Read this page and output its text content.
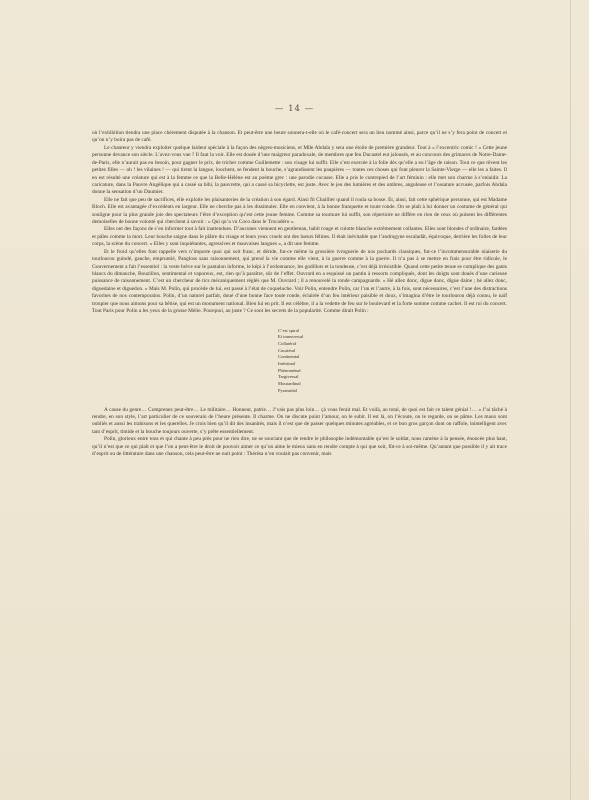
— 14 —

où l’exhibition tiendra une place chèrement disputée à la chanson. Et peut-être une heure sonnera-t-elle où le café-concert sera un lieu nommé ainsi, parce qu’il ne s’y fera point de concert et qu’on n’y boira pas de café.

Le chanteur y viendra exploiter quelque laideur spéciale à la façon des nègres-musiciens, et Mlle Abdala y sera une étoile de première grandeur. Tout à « l’excentric comic ! » Cette jeune personne devance son siècle. L’avez-vous vue ? Il faut la voir. Elle est douée d’une maigreur paradoxale, de membres que feu Ducastel eut jalousés, et au concours des grimaces de Notre-Dame-de-Paris, elle n’aurait pas eu besoin, pour gagner le prix, de tricher comme Guillemette : son visage lui suffit. Elle s’est exercée à la folie dès qu’elle a eu l’âge de raison. Tout ce que rêvent les petites filles — oh ! les vilaines ! — qui tirent la langue, louchent, se fendent la bouche, s’agrandissent les paupières — toutes ces choses qui font pleurer la Sainte-Vierge — elle les a faites. Il en est résulté une créature qui est à la femme ce que la Belle-Hélène est au poème grec : une parodie cocasse. Elle a pris le contrepied de l’art féminin : elle met son charme à s’enlaidir. La caricature, dans la Pauvre Angélique qui a cassé sa bibi, la pauvrette, qui a cassé sa bicyclette, est juste. Avec le jeu des lumières et des ombres, anguleuse et l’ossature accusée, parfois Abdala donne la sensation d’un Daumier.

Elle ne fait que peu de sacrifices, elle exploite les plaisanteries de la création à son égard. Ainsi fit Chaillier quand il roula sa bosse. Et, ainsi, fait cette sphérique personne, qui est Madame Bloch. Elle est avantagée d’excédents en largeur. Elle ne cherche pas à les dissimuler. Elle en convient, à la bonne franquette et toute ronde. On se plaît à lui donner un costume de général qui souligne pour la plus grande joie des spectateurs l’être d’exception qu’est cette jeune femme. Comme sa tournure lui suffit, son répertoire ne diffère en rien de ceux où puisent les différentes demoiselles de bonne volonté qui cherchent à savoir : « Qui qu’a vu Coco dans le Trocadéro ».

Elles ont des façons de s’en informer tout à fait inattendues. D’aucunes viennent en gentleman, habit rouge et culotte blanche extrêmement collantes. Elles sont blondes d’ordinaire, fardées et pâles comme la mort. Leur bouche saigne dans le plâtre du visage et leurs yeux cruels ont des lueurs félines. Il était inévitable que l’androgyne escaladât, équivoque, derrière les folles de leur corps, la scène du concert. « Elles y sont inquiétantes, agressives et mauvaises langues », a dit une femme.

Et le froid qu’elles font rappelle vers n’importe quoi qui soit franc, et déride, fut-ce même la grossière ivrognerie de nos pochards classiques, fut-ce l’incommensurable niaiserie du tourlourou guindé, gauche, empruntié, Pangloss sans raisonnement, qui prend la vie comme elle vient, à la guerre comme à la guerre. Il n’a pas à se mettre en frais pour être ridicule, le Gouvernement a fait l’essentiel : la veste brève sur le pantalon informe, le képi à l’ordonnance, les godillots et la tondeuse, c’est déjà irrésistible. Quand cette petite tenue se complique des gants blancs du dimanche, Bouzillon, sentimental et vaporeux, est, rien qu’à paraître, sûr de l’effet. Ouvrard en a esquissé un pantin à ressorts compliqués, dont les doigts sont doués d’une curieuse puissance de raisonnement. C’est un chercheur de tics mécaniquement réglés que M. Ouvrard ; il a renouvelé la ronde campagnarde. « Hé allez donc, digue donc, digue daine ; hé allez donc, diguedaine et diguedon. » Mais M. Polin, qui procède de lui, est passé à l’état de coqueluche. Voir Polin, entendre Polin, car l’un et l’autre, à la fois, sont nécessaires, c’est l’une des distractions favorites de nos contemporains. Polin, d’un naturel parfait, doué d’une bonne face toute ronde, éclairée d’un feu intérieur paisible et doux, s’imagina d’être le tourlourou déjà connu, le naïf troupier que nous aimons pour sa bêtise, qui est un monument national. Bien lui en prit. Il est célèbre, il a la vedette de feu sur le boulevard et la forte somme comme cachet. Il est roi du concert. Tout Paris pour Polin a les yeux de la grosse Mélie. Pourquoi, au juste ? Ce sont les secrets de la popularité. Comme dirait Polin :

C’est spiral
Et transversal
Collatéral
Cacatéral
Continental
Intéstinal
Phénoménal
Targiversal
Moutardinal
Pyramidal

A cause du genre… Comprenez peut-être… Le militaire… Honneur, patrie… J’vais pas plus loin… çà vous ferait mal. Et voilà, au total, de quoi est fait ce talent génial !… « J’ai tâché à rendre, en son style, l’art particulier de ce souverain de l’heure présente. Il charme. On ne discute point l’amour, on le subit. Il est là, on l’écoute, on le regarde, on se pâme. Les maux sont oubliés et aussi les trahisons et les querelles. Je crois bien qu’il dit des insanités, mais il n’est que de passer quelques minutes agréables, et ce bon gros garçon dont on raffole, inintelligent avec tant d’esprit, timide et la bouche toujours ouverte, s’y prête essentiellement.

Polin, glorieux entre tous et qui chante à peu près pour ne rien dire, ne se souciant que de rendre le philosophe indémontable qu’est le soldat, nous ramène à la pensée, énoncée plus haut, qu’il n’est que ce qui plaît et que l’on a peut-être le droit de pouvoir aimer ce qu’on aime le mieux sans en rendre compte à qui que soit, fût-ce à soi-même. Qu’autant que possible il y ait trace d’esprit ou de littérature dans une chanson, cela peut-être ne nuit point : Thérésa n’en voulait pas convenir, mais
